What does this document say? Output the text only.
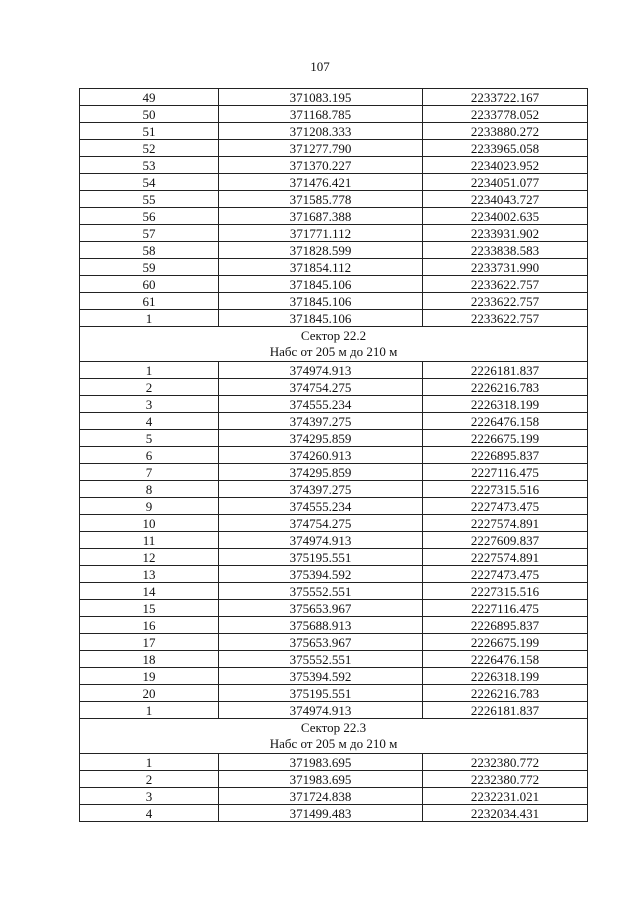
107
49	371083.195	2233722.167
50	371168.785	2233778.052
51	371208.333	2233880.272
52	371277.790	2233965.058
53	371370.227	2234023.952
54	371476.421	2234051.077
55	371585.778	2234043.727
56	371687.388	2234002.635
57	371771.112	2233931.902
58	371828.599	2233838.583
59	371854.112	2233731.990
60	371845.106	2233622.757
61	371845.106	2233622.757
1	371845.106	2233622.757

Сектор 22.2
Набс от 205 м до 210 м		

1	374974.913	2226181.837
2	374754.275	2226216.783
3	374555.234	2226318.199
4	374397.275	2226476.158
5	374295.859	2226675.199
6	374260.913	2226895.837
7	374295.859	2227116.475
8	374397.275	2227315.516
9	374555.234	2227473.475
10	374754.275	2227574.891
11	374974.913	2227609.837
12	375195.551	2227574.891
13	375394.592	2227473.475
14	375552.551	2227315.516
15	375653.967	2227116.475
16	375688.913	2226895.837
17	375653.967	2226675.199
18	375552.551	2226476.158
19	375394.592	2226318.199
20	375195.551	2226216.783
1	374974.913	2226181.837

Сектор 22.3
Набс от 205 м до 210 м		

1	371983.695	2232380.772
2	371983.695	2232380.772
3	371724.838	2232231.021
4	371499.483	2232034.431
